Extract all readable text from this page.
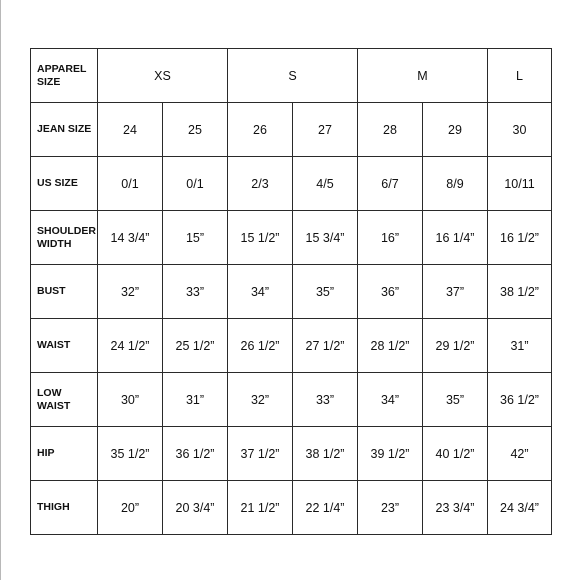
APPAREL SIZE	XS		S		M		L
JEAN SIZE	24	25	26	27	28	29	30
US SIZE	0/1	0/1	2/3	4/5	6/7	8/9	10/11
SHOULDER WIDTH	14 3/4”	15”	15 1/2”	15 3/4”	16”	16 1/4”	16 1/2”
BUST	32”	33”	34”	35”	36”	37”	38 1/2”
WAIST	24 1/2”	25 1/2”	26 1/2”	27 1/2”	28 1/2”	29 1/2”	31”
LOW WAIST	30”	31”	32”	33”	34”	35”	36 1/2”
HIP	35 1/2”	36 1/2”	37 1/2”	38 1/2”	39 1/2”	40 1/2”	42”
THIGH	20”	20 3/4”	21 1/2”	22 1/4”	23”	23 3/4”	24 3/4”
